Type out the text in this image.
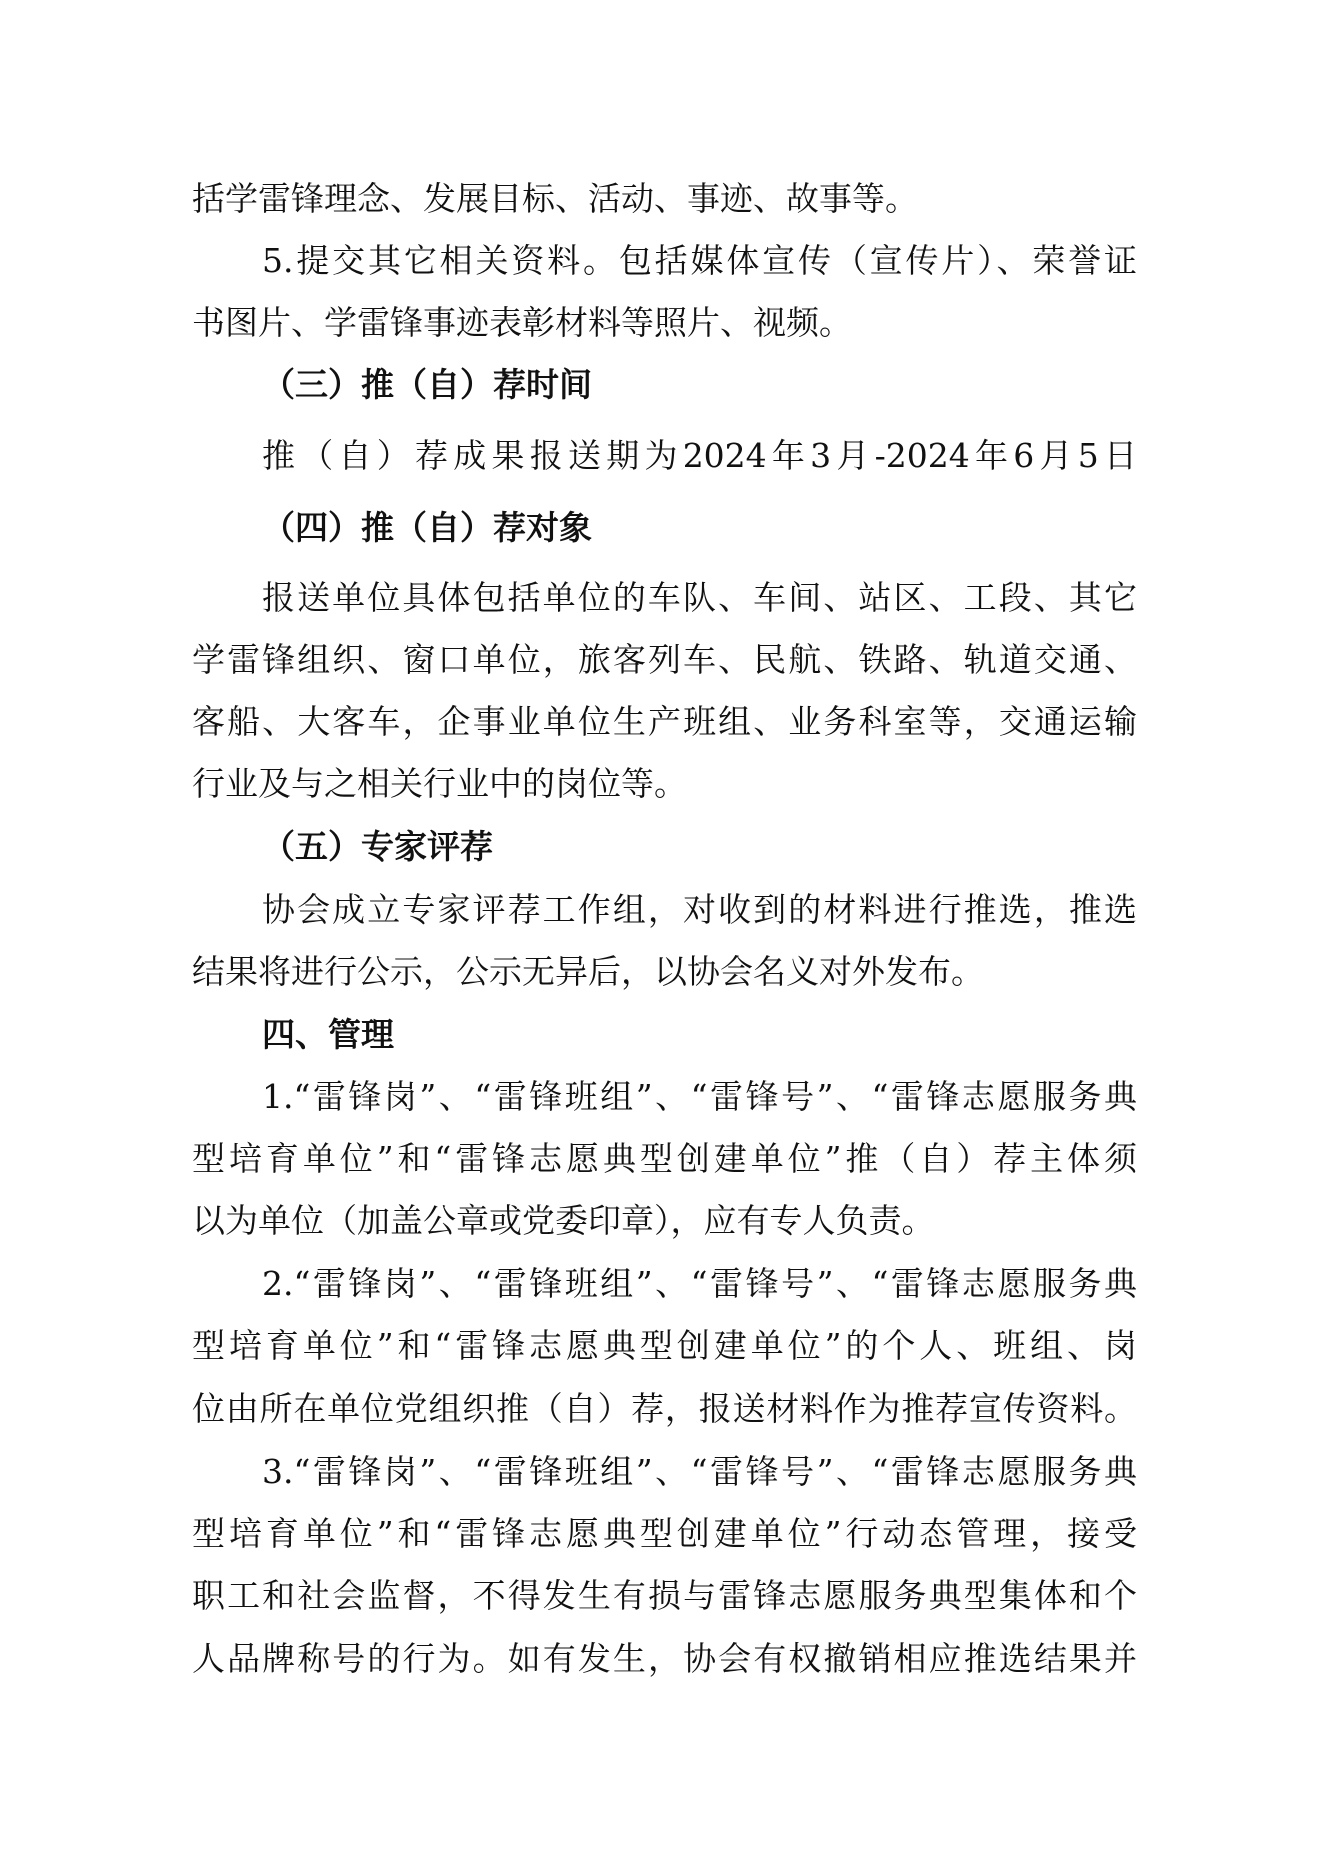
括学雷锋理念、发展目标、活动、事迹、故事等。
5.提交其它相关资料。包括媒体宣传（宣传片）、荣誉证
书图片、学雷锋事迹表彰材料等照片、视频。
（三）推（自）荐时间
推（自）荐成果报送期为2024年3月-2024年6月5日
（四）推（自）荐对象
报送单位具体包括单位的车队、车间、站区、工段、其它
学雷锋组织、窗口单位，旅客列车、民航、铁路、轨道交通、
客船、大客车，企事业单位生产班组、业务科室等，交通运输
行业及与之相关行业中的岗位等。
（五）专家评荐
协会成立专家评荐工作组，对收到的材料进行推选，推选
结果将进行公示，公示无异后，以协会名义对外发布。
四、管理
1.“雷锋岗”、“雷锋班组”、“雷锋号”、“雷锋志愿服务典
型培育单位”和“雷锋志愿典型创建单位”推（自）荐主体须
以为单位（加盖公章或党委印章），应有专人负责。
2.“雷锋岗”、“雷锋班组”、“雷锋号”、“雷锋志愿服务典
型培育单位”和“雷锋志愿典型创建单位”的个人、班组、岗
位由所在单位党组织推（自）荐，报送材料作为推荐宣传资料。
3.“雷锋岗”、“雷锋班组”、“雷锋号”、“雷锋志愿服务典
型培育单位”和“雷锋志愿典型创建单位”行动态管理，接受
职工和社会监督，不得发生有损与雷锋志愿服务典型集体和个
人品牌称号的行为。如有发生，协会有权撤销相应推选结果并
